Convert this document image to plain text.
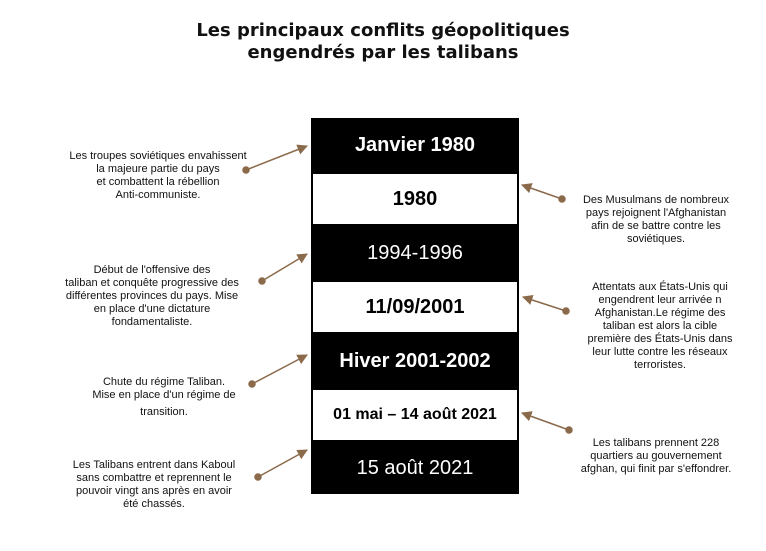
Les principaux conflits géopolitiques
engendrés par les talibans
Janvier 1980
1980
1994-1996
11/09/2001
Hiver 2001-2002
01 mai – 14 août 2021
15 août 2021
Les troupes soviétiques envahissent
la majeure partie du pays
et combattent la rébellion
Anti-communiste.
Début de l'offensive des
taliban et conquête progressive des
différentes provinces du pays. Mise
en place d'une dictature
fondamentaliste.
Chute du régime Taliban.
Mise en place d'un régime de
transition.
Les Talibans entrent dans Kaboul
sans combattre et reprennent le
pouvoir vingt ans après en avoir
été chassés.
Des Musulmans de nombreux
pays rejoignent l'Afghanistan
afin de se battre contre les
soviétiques.
Attentats aux États-Unis qui
engendrent leur arrivée n
Afghanistan.Le régime des
taliban est alors la cible
première des États-Unis dans
leur lutte contre les réseaux
terroristes.
Les talibans prennent 228
quartiers au gouvernement
afghan, qui finit par s'effondrer.
